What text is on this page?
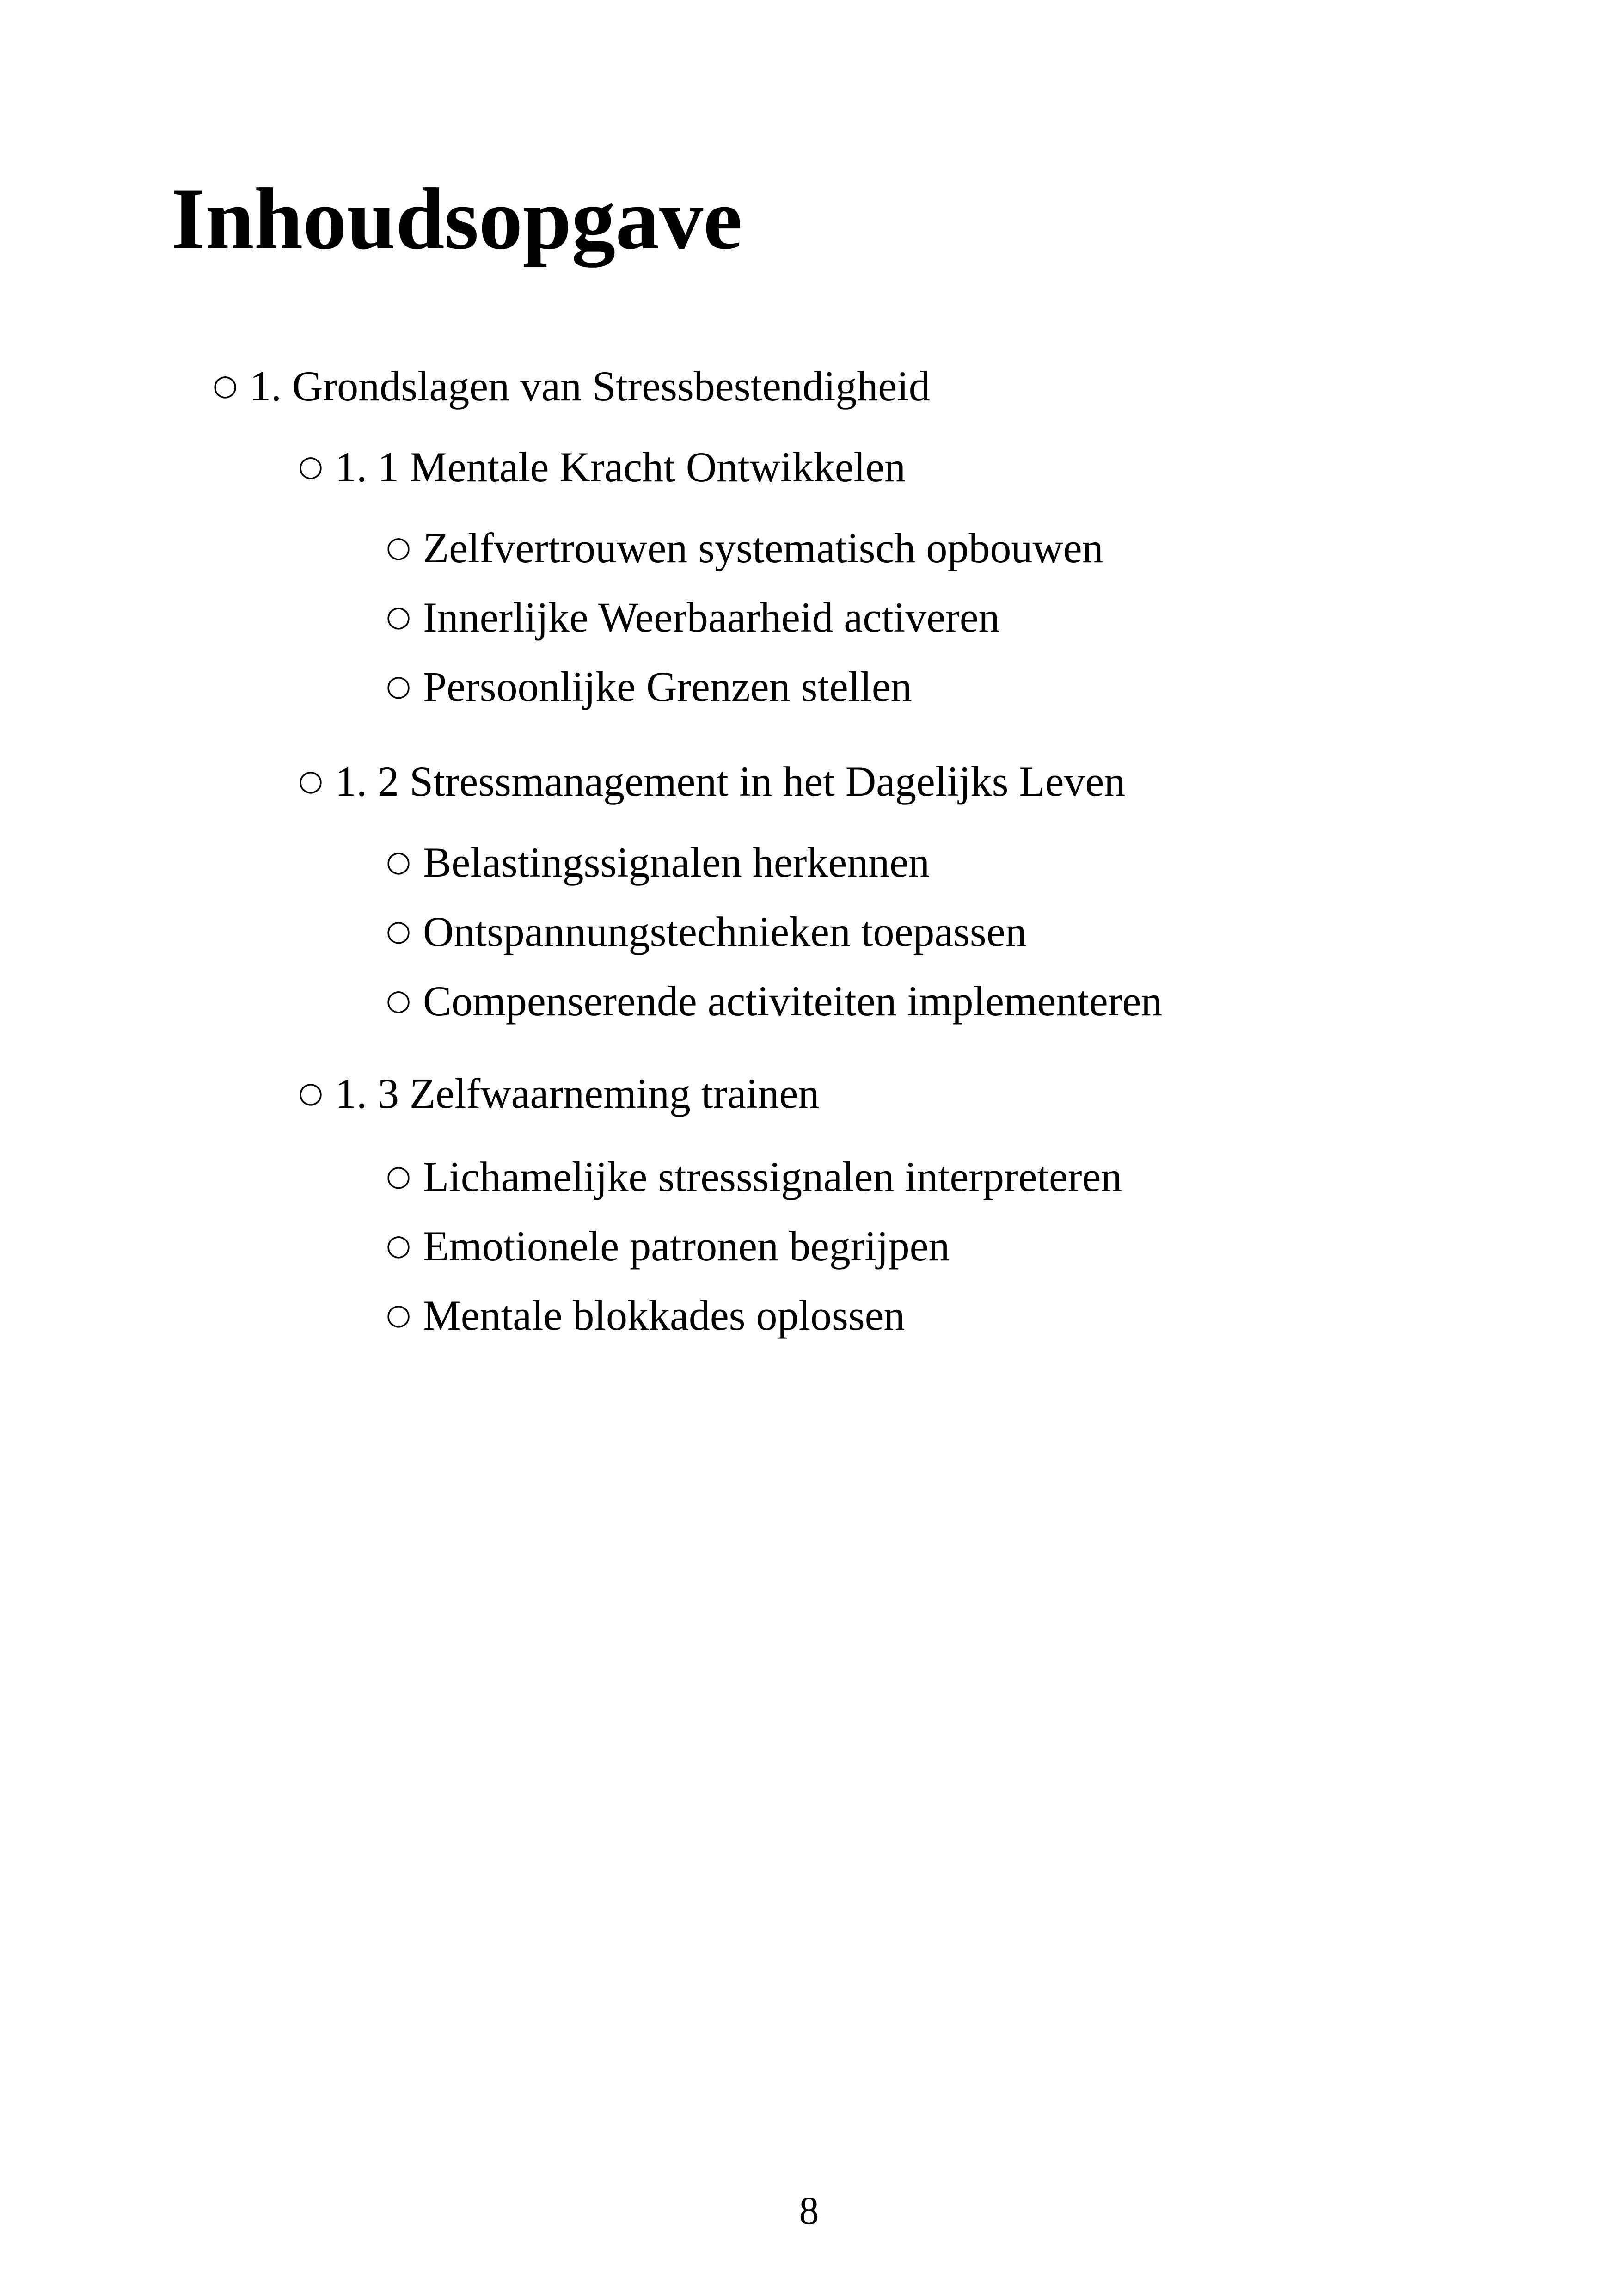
Inhoudsopgave
○ 1. Grondslagen van Stressbestendigheid
○ 1. 1 Mentale Kracht Ontwikkelen
○ Zelfvertrouwen systematisch opbouwen
○ Innerlijke Weerbaarheid activeren
○ Persoonlijke Grenzen stellen
○ 1. 2 Stressmanagement in het Dagelijks Leven
○ Belastingssignalen herkennen
○ Ontspannungstechnieken toepassen
○ Compenserende activiteiten implementeren
○ 1. 3 Zelfwaarneming trainen
○ Lichamelijke stresssignalen interpreteren
○ Emotionele patronen begrijpen
○ Mentale blokkades oplossen
8
